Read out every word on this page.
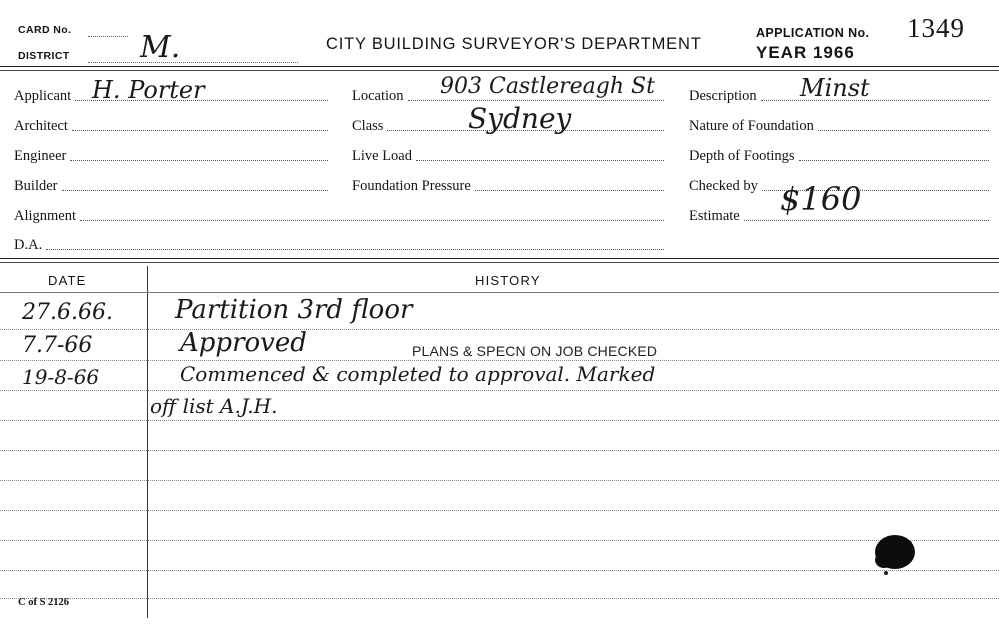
CARD No.
DISTRICT M.	CITY BUILDING SURVEYOR'S DEPARTMENT
APPLICATION No. 1349
YEAR 1966
Applicant H. Porter
Architect
Engineer
Builder
Alignment
D.A.
Location 903 Castlereagh St
Class	Sydney
Live Load
Foundation Pressure
Description Minst
Nature of Foundation
Depth of Footings
Checked by
Estimate $160
DATE	HISTORY
27.6.66. Partition 3rd floor
7.7-66	Approved	PLANS & SPECN ON JOB CHECKED
19-8-66	Commenced & completed to approval. Marked
off list A.J.H.
C of S 2126
